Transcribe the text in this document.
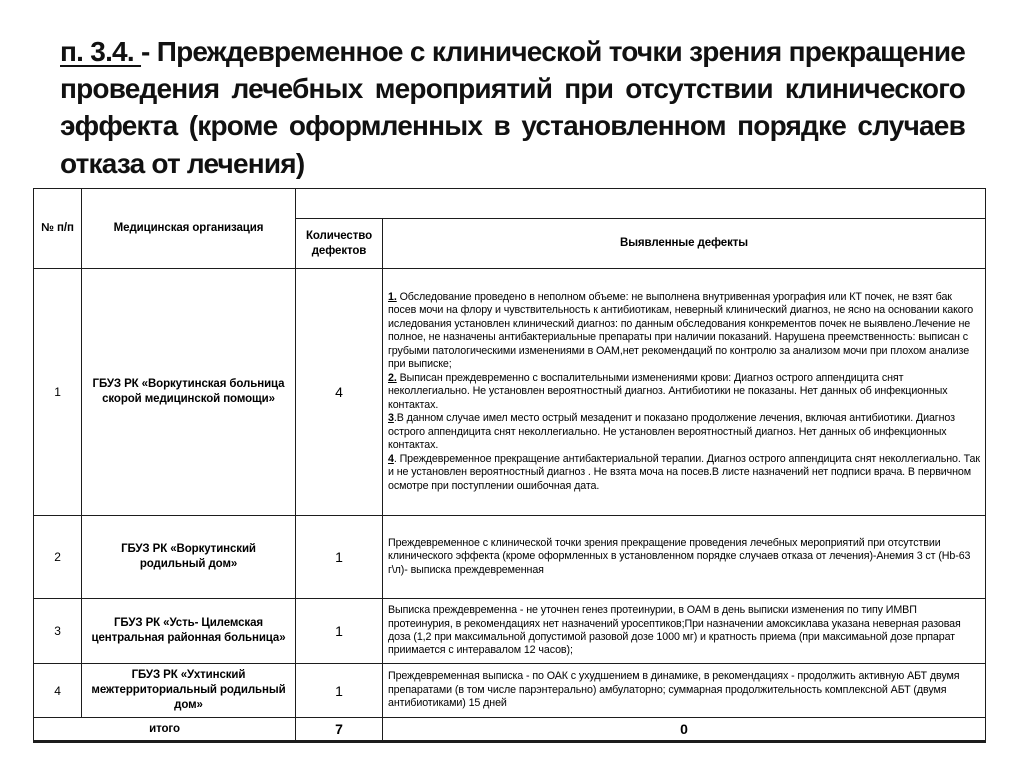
п. 3.4. - Преждевременное с клинической точки зрения прекращение проведения лечебных мероприятий при отсутствии клинического эффекта (кроме оформленных в установленном порядке случаев отказа от лечения)
№ п/п	Медицинская организация		
		Количество дефектов	Выявленные дефекты
1	ГБУЗ РК «Воркутинская больница скорой медицинской помощи»	4	1. Обследование проведено в неполном объеме: не выполнена внутривенная урография или КТ почек, не взят бак посев мочи на флору и чувствительность к антибиотикам, неверный клинический диагноз, не ясно на основании какого иследования установлен клинический диагноз: по данным обследования конкрементов почек не выявлено.Лечение не полное, не назначены антибактериальные препараты при наличии показаний. Нарушена преемственность: выписан с грубыми патологическими изменениями в ОАМ,нет рекомендаций по контролю за анализом мочи при плохом анализе при выписке;

2. Выписан преждевременно с воспалительными изменениями крови: Диагноз острого аппендицита снят неколлегиально. Не установлен вероятностный диагноз. Антибиотики не показаны. Нет данных об инфекционных контактах.

3.В данном случае имел место острый мезаденит и показано продолжение лечения, включая антибиотики. Диагноз острого аппендицита снят неколлегиально. Не установлен вероятностный диагноз. Нет данных об инфекционных контактах.

4. Преждевременное прекращение антибактериальной терапии. Диагноз острого аппендицита снят неколлегиально. Так и не установлен вероятностный диагноз . Не взята моча на посев.В листе назначений нет подписи врача. В первичном осмотре при поступлении ошибочная дата.

2	ГБУЗ РК «Воркутинский родильный дом»	1	Преждевременное с клинической точки зрения прекращение проведения лечебных мероприятий при отсутствии клинического эффекта (кроме оформленных в установленном порядке случаев отказа от лечения)-Анемия 3 ст (Hb-63 г\л)- выписка преждевременная
3	ГБУЗ РК «Усть- Цилемская центральная районная больница»	1	Выписка преждевременна - не уточнен генез протеинурии, в ОАМ в день выписки изменения по типу ИМВП протеинурия, в рекомендациях нет назначений уросептиков;При назначении амоксиклава указана неверная разовая доза (1,2 при максимальной допустимой разовой дозе 1000 мг) и кратность приема (при максимаьной дозе прпарат приимается с интеравалом 12 часов);
4	ГБУЗ РК «Ухтинский межтерриториальный родильный дом»	1	Преждевременная выписка - по ОАК с ухудшением в динамике, в рекомендациях - продолжить активную АБТ двумя препаратами (в том числе парэнтерально) амбулаторно; суммарная продолжительность комплексной АБТ (двумя антибиотиками) 15 дней
итого		7	0
